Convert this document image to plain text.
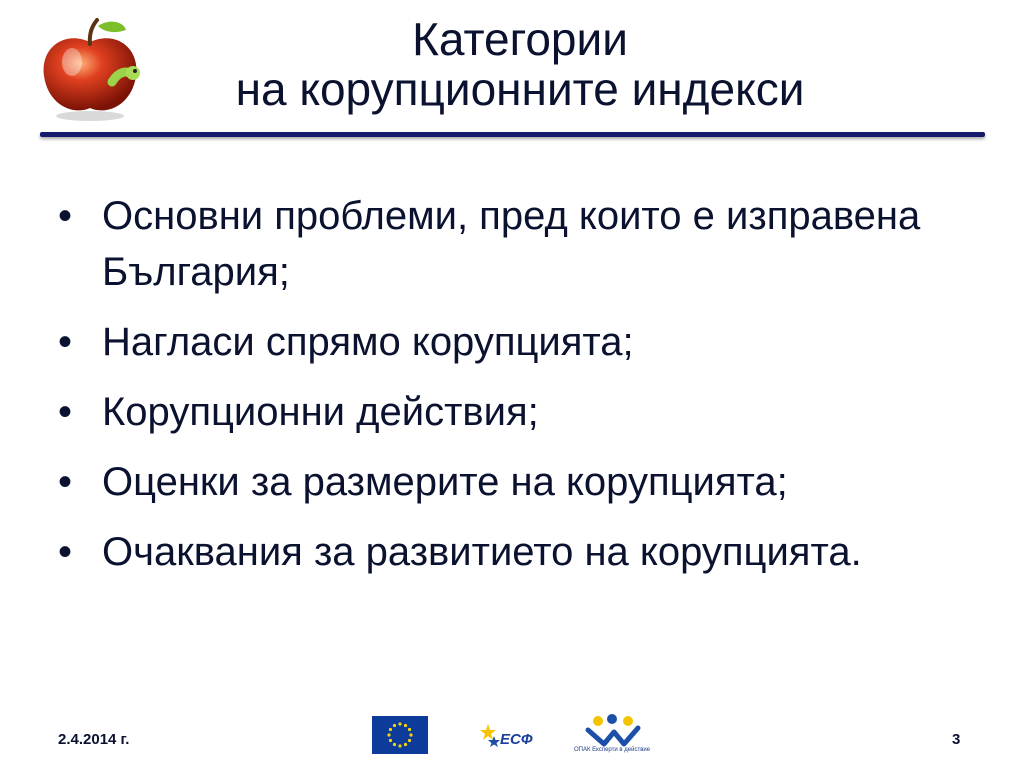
Категории
на корупционните индекси
• Основни проблеми, пред които е изправена България;
• Нагласи спрямо корупцията;
• Корупционни действия;
• Оценки за размерите на корупцията;
• Очаквания за развитието на корупцията.
2.4.2014 г.	ЕСФ
ОПАК Експерти в действие
3
